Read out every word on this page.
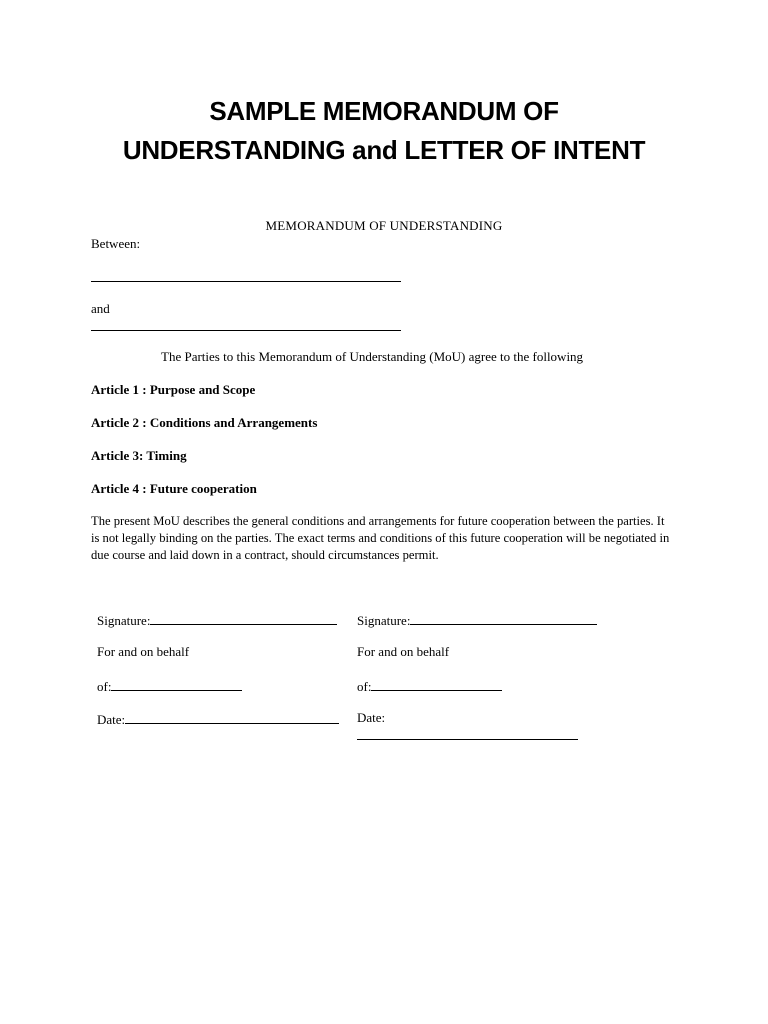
SAMPLE MEMORANDUM OF
UNDERSTANDING and LETTER OF INTENT
MEMORANDUM OF UNDERSTANDING
Between:
and
The Parties to this Memorandum of Understanding (MoU) agree to the following
Article 1 : Purpose and Scope
Article 2 : Conditions and Arrangements
Article 3: Timing
Article 4 : Future cooperation
The present MoU describes the general conditions and arrangements for future cooperation between the parties. It is not legally binding on the parties. The exact terms and conditions of this future cooperation will be negotiated in due course and laid down in a contract, should circumstances permit.
Signature:
For and on behalf
of:
Date:
Signature:
For and on behalf
of:
Date:
